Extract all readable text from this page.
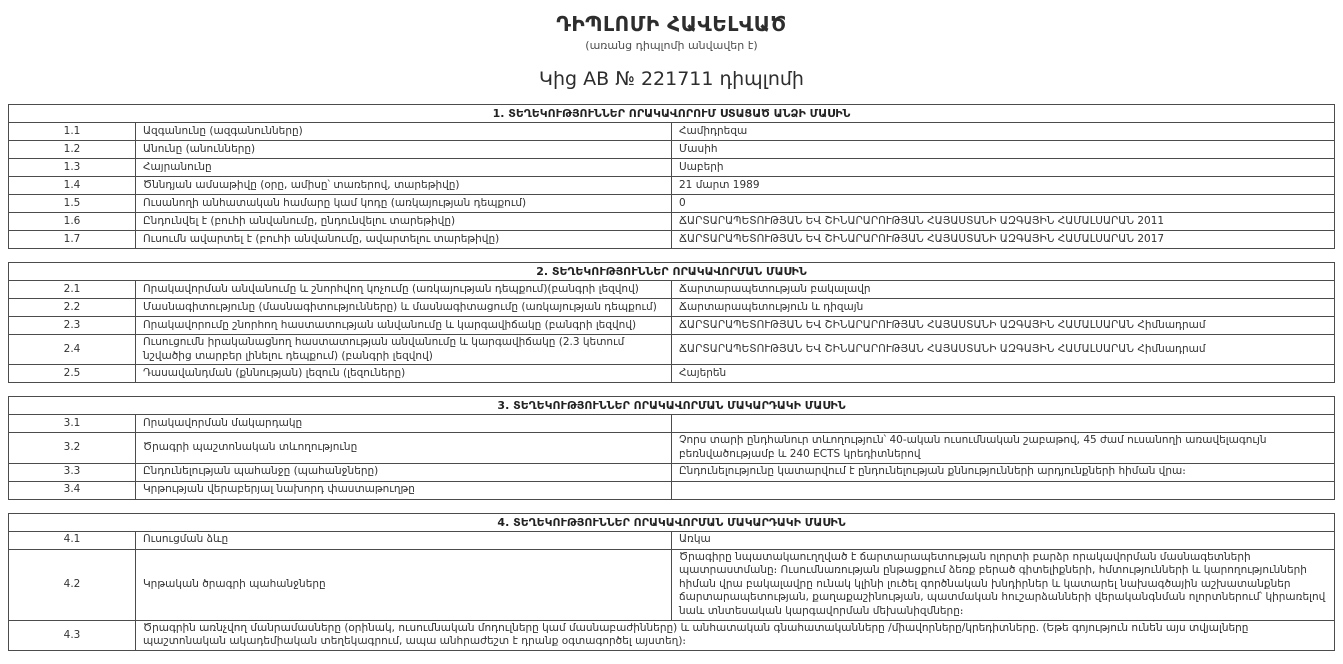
ԴԻՊԼՈՄԻ ՀԱՎԵԼՎԱԾ
(առանց դիպլոմի անվավեր է)
Կից AB № 221711 դիպլոմի
1. ՏԵՂԵԿՈՒԹՅՈՒՆՆԵՐ ՈՐԱԿԱՎՈՐՈՒՄ ՍՏԱՑԱԾ ԱՆՁԻ ՄԱՍԻՆ		
1.1	Ազգանունը (ազգանունները)	Համիդրեզա
1.2	Անունը (անունները)	Մասիհ
1.3	Հայրանունը	Սաբերի
1.4	Ծննդյան ամսաթիվը (օրը, ամիսը՝ տառերով, տարեթիվը)	21 մարտ 1989
1.5	Ուսանողի անհատական համարը կամ կոդը (առկայության դեպքում)	0
1.6	Ընդունվել է (բուհի անվանումը, ընդունվելու տարեթիվը)	ՃԱՐՏԱՐԱՊԵՏՈՒԹՅԱՆ ԵՎ ՇԻՆԱՐԱՐՈՒԹՅԱՆ ՀԱՅԱՍՏԱՆԻ ԱԶԳԱՅԻՆ ՀԱՄԱԼՍԱՐԱՆ 2011
1.7	Ուսումն ավարտել է (բուհի անվանումը, ավարտելու տարեթիվը)	ՃԱՐՏԱՐԱՊԵՏՈՒԹՅԱՆ ԵՎ ՇԻՆԱՐԱՐՈՒԹՅԱՆ ՀԱՅԱՍՏԱՆԻ ԱԶԳԱՅԻՆ ՀԱՄԱԼՍԱՐԱՆ 2017
2. ՏԵՂԵԿՈՒԹՅՈՒՆՆԵՐ ՈՐԱԿԱՎՈՐՄԱՆ ՄԱՍԻՆ		
2.1	Որակավորման անվանումը և շնորհվող կոչումը (առկայության դեպքում)(բանգրի լեզվով)	Ճարտարապետության բակալավր
2.2	Մասնագիտությունը (մասնագիտությունները) և մասնագիտացումը (առկայության դեպքում)	Ճարտարապետություն և դիզայն
2.3	Որակավորումը շնորհող հաստատության անվանումը և կարգավիճակը (բանգրի լեզվով)	ՃԱՐՏԱՐԱՊԵՏՈՒԹՅԱՆ ԵՎ ՇԻՆԱՐԱՐՈՒԹՅԱՆ ՀԱՅԱՍՏԱՆԻ ԱԶԳԱՅԻՆ ՀԱՄԱԼՍԱՐԱՆ Հիմնադրամ
2.4	Ուսուցումն իրականացնող հաստատության անվանումը և կարգավիճակը (2.3 կետում նշվածից տարբեր լինելու դեպքում) (բանգրի լեզվով)	ՃԱՐՏԱՐԱՊԵՏՈՒԹՅԱՆ ԵՎ ՇԻՆԱՐԱՐՈՒԹՅԱՆ ՀԱՅԱՍՏԱՆԻ ԱԶԳԱՅԻՆ ՀԱՄԱԼՍԱՐԱՆ Հիմնադրամ
2.5	Դասավանդման (քննության) լեզուն (լեզուները)	Հայերեն
3. ՏԵՂԵԿՈՒԹՅՈՒՆՆԵՐ ՈՐԱԿԱՎՈՐՄԱՆ ՄԱԿԱՐԴԱԿԻ ՄԱՍԻՆ		
3.1	Որակավորման մակարդակը	
3.2	Ծրագրի պաշտոնական տևողությունը	Չորս տարի ընդհանուր տևողություն՝ 40-ական ուսումնական շաբաթով, 45 ժամ ուսանողի առավելագույն բեռնվածությամբ և 240 ECTS կրեդիտներով
3.3	Ընդունելության պահանջը (պահանջները)	Ընդունելությունը կատարվում է ընդունելության քննությունների արդյունքների հիման վրա։
3.4	Կրթության վերաբերյալ նախորդ փաստաթուղթը	
4. ՏԵՂԵԿՈՒԹՅՈՒՆՆԵՐ ՈՐԱԿԱՎՈՐՄԱՆ ՄԱԿԱՐԴԱԿԻ ՄԱՍԻՆ		
4.1	Ուսուցման ձևը	Առկա
4.2	Կրթական ծրագրի պահանջները	Ծրագիրը նպատակաուղղված է ճարտարապետության ոլորտի բարձր որակավորման մասնագետների պատրաստմանը։ Ուսումնառության ընթացքում ձեռք բերած գիտելիքների, հմտությունների և կարողությունների հիման վրա բակալավրը ունակ կլինի լուծել գործնական խնդիրներ և կատարել նախագծային աշխատանքներ ճարտարապետության, քաղաքաշինության, պատմական հուշարձանների վերականգնման ոլորտներում՝ կիրառելով նաև տնտեսական կարգավորման մեխանիզմները։
4.3	Ծրագրին առնչվող մանրամասները (օրինակ, ուսումնական մոդուլները կամ մասնաբաժինները) և անհատական գնահատականները /միավորները/կրեդիտները. (Եթե գոյություն ունեն այս տվյալները պաշտոնական ակադեմիական տեղեկագրում, ապա անհրաժեշտ է դրանք օգտագործել այստեղ)։	
